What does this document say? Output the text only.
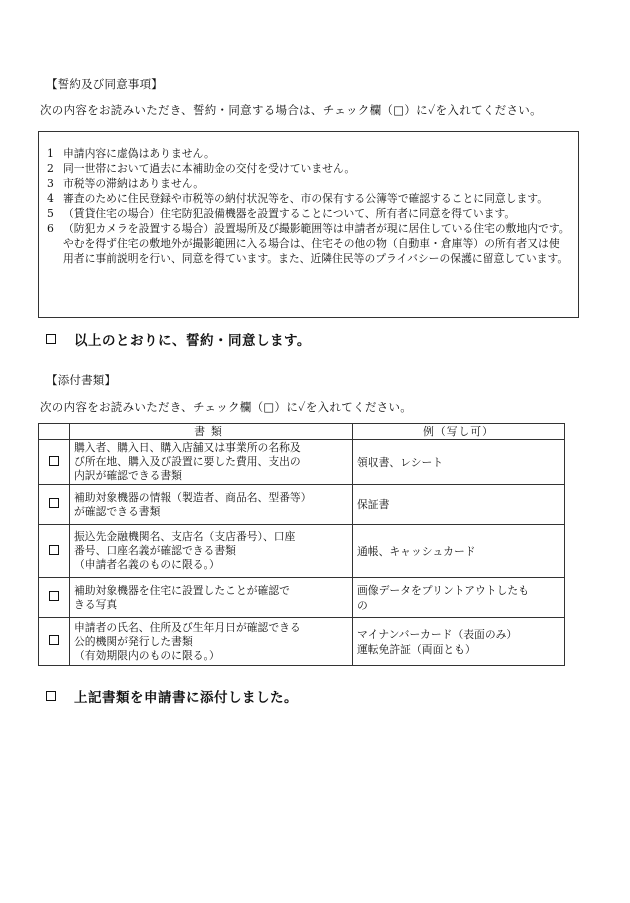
【誓約及び同意事項】
次の内容をお読みいただき、誓約・同意する場合は、チェック欄（□）に✓を入れてください。
1 申請内容に虚偽はありません。
2 同一世帯において過去に本補助金の交付を受けていません。
3 市税等の滞納はありません。
4 審査のために住民登録や市税等の納付状況等を、市の保有する公簿等で確認することに同意します。
5 （賃貸住宅の場合）住宅防犯設備機器を設置することについて、所有者に同意を得ています。
6 （防犯カメラを設置する場合）設置場所及び撮影範囲等は申請者が現に居住している住宅の敷地内です。やむを得ず住宅の敷地外が撮影範囲に入る場合は、住宅その他の物（自動車・倉庫等）の所有者又は使用者に事前説明を行い、同意を得ています。また、近隣住民等のプライバシーの保護に留意しています。
以上のとおりに、誓約・同意します。
【添付書類】
次の内容をお読みいただき、チェック欄（□）に✓を入れてください。
	書類	例（写し可）

	購入者、購入日、購入店舗又は事業所の名称及
び所在地、購入及び設置に要した費用、支出の
内訳が確認できる書類	領収書、レシート

	補助対象機器の情報（製造者、商品名、型番等）
が確認できる書類	保証書

	振込先金融機関名、支店名（支店番号）、口座
番号、口座名義が確認できる書類
（申請者名義のものに限る。）	通帳、キャッシュカード

	補助対象機器を住宅に設置したことが確認で
きる写真	画像データをプリントアウトしたも
の

	申請者の氏名、住所及び生年月日が確認できる
公的機関が発行した書類
（有効期限内のものに限る。）	マイナンバーカード（表面のみ）
運転免許証（両面とも）
上記書類を申請書に添付しました。
